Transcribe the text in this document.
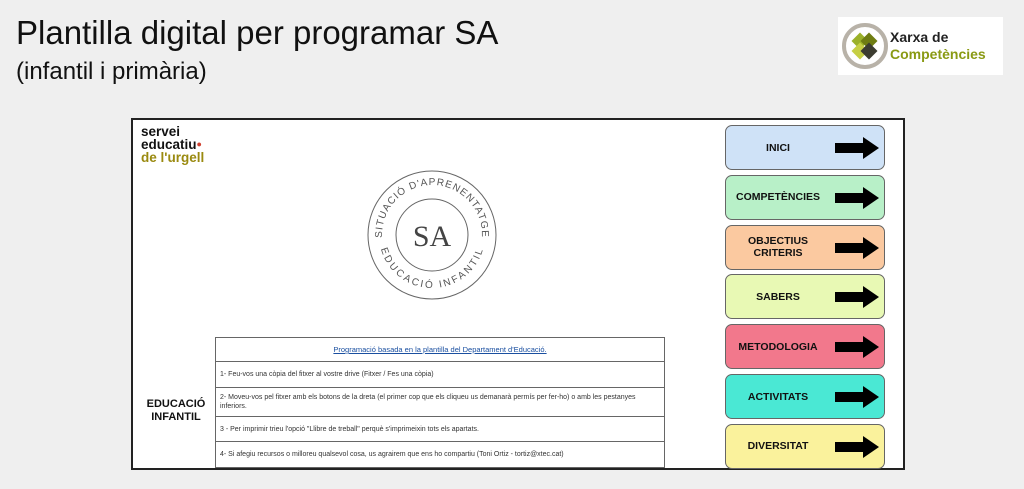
Plantilla digital per programar SA
(infantil i primària)
Xarxa de
Competències
servei
educatiu●
de l'urgell
SITUACIÓ D'APRENENTATGE
EDUCACIÓ INFANTIL
SA
EDUCACIÓ
INFANTIL
Programació basada en la plantilla del Departament d'Educació.
1- Feu-vos una còpia del fitxer al vostre drive (Fitxer / Fes una còpia)
2- Moveu-vos pel fitxer amb els botons de la dreta (el primer cop que els cliqueu us demanarà permís per fer-ho) o amb les pestanyes inferiors.
3 - Per imprimir trieu l'opció "Llibre de treball" perquè s'imprimeixin tots els apartats.
4- Si afegiu recursos o milloreu qualsevol cosa, us agrairem que ens ho compartiu (Toni Ortiz - tortiz@xtec.cat)
INICI
COMPETÈNCIES
OBJECTIUS
CRITERIS
SABERS
METODOLOGIA
ACTIVITATS
DIVERSITAT
